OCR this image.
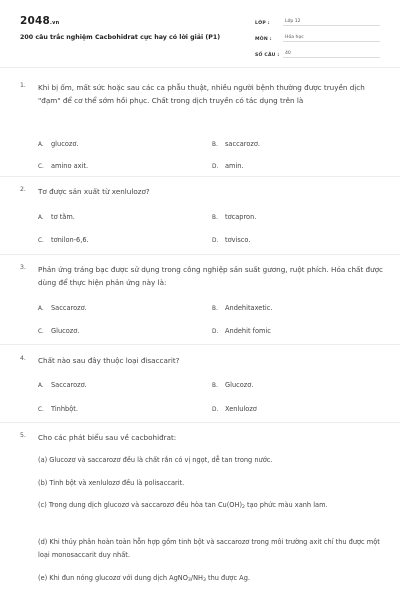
2048.vn
200 câu trắc nghiệm Cacbohidrat cực hay có lời giải (P1)
LỚP :	Lớp 12
MÔN :	Hóa học
SỐ CÂU :	40
1. Khi bị ốm, mất sức hoặc sau các ca phẫu thuật, nhiều người bệnh thường được truyền dịch "đạm" để cơ thể sớm hồi phục. Chất trong dịch truyền có tác dụng trên là
A. glucozơ.	B. saccarozơ.
C. amino axit.	D. amin.
2. Tơ được sản xuất từ xenlulozơ?
A. tơ tằm.	B. tơcapron.
C. tơnilon-6,6.	D. tơvisco.
3. Phản ứng tráng bạc được sử dụng trong công nghiệp sản suất gương, ruột phích. Hóa chất được dùng để thực hiện phản ứng này là:
A. Saccarozơ.	B. Andehitaxetic.
C. Glucozơ.	D. Andehit fomic
4. Chất nào sau đây thuộc loại đisaccarit?
A. Saccarozơ.	B. Glucozơ.
C. Tinhbột.	D. Xenlulozơ
5. Cho các phát biểu sau về cacbohiđrat:
(a) Glucozơ và saccarozơ đều là chất rắn có vị ngọt, dễ tan trong nước.
(b) Tinh bột và xenlulozơ đều là polisaccarit.
(c) Trong dung dịch glucozơ và saccarozơ đều hòa tan Cu(OH)2 tạo phức màu xanh lam.
(d) Khi thủy phân hoàn toàn hỗn hợp gồm tinh bột và saccarozơ trong môi trường axit chỉ thu được một loại monosaccarit duy nhất.
(e) Khi đun nóng glucozơ với dung dịch AgNO3/NH3 thu được Ag.
